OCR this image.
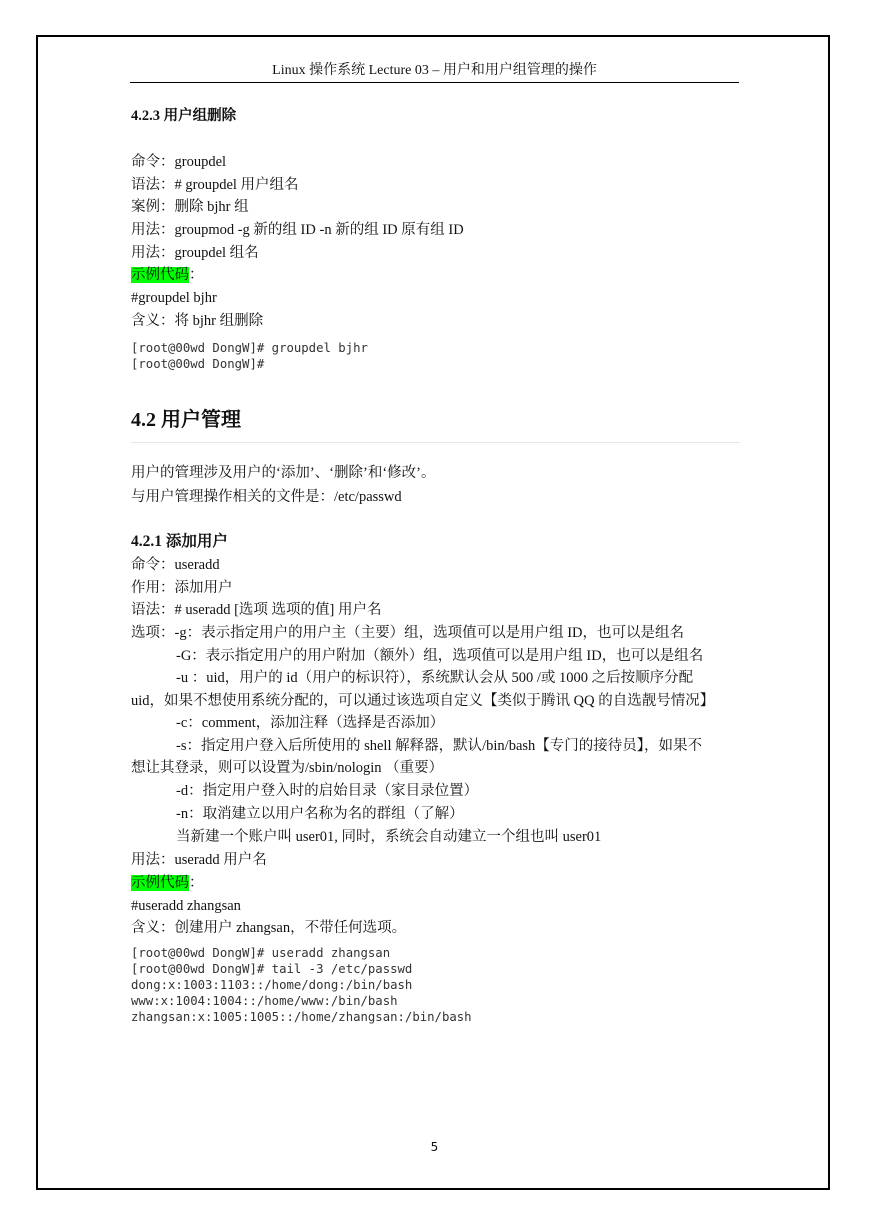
Linux 操作系统 Lecture 03 – 用户和用户组管理的操作
4.2.3 用户组删除
命令：groupdel
语法：# groupdel 用户组名
案例：删除 bjhr 组
用法：groupmod -g 新的组 ID -n 新的组 ID 原有组 ID
用法：groupdel 组名
示例代码：
#groupdel bjhr
含义：将 bjhr 组删除
[root@00wd DongW]# groupdel bjhr
[root@00wd DongW]#
4.2 用户管理
用户的管理涉及用户的‘添加’、‘删除’和‘修改’。
与用户管理操作相关的文件是：/etc/passwd
4.2.1 添加用户
命令：useradd
作用：添加用户
语法：# useradd [选项 选项的值] 用户名
选项：-g：表示指定用户的用户主（主要）组，选项值可以是用户组 ID，也可以是组名
-G：表示指定用户的用户附加（额外）组，选项值可以是用户组 ID，也可以是组名
-u ：uid，用户的 id（用户的标识符），系统默认会从 500 /或 1000 之后按顺序分配
uid，如果不想使用系统分配的，可以通过该选项自定义【类似于腾讯 QQ 的自选靓号情况】
-c：comment，添加注释（选择是否添加）
-s：指定用户登入后所使用的 shell 解释器，默认/bin/bash【专门的接待员】，如果不
想让其登录，则可以设置为/sbin/nologin （重要）
-d：指定用户登入时的启始目录（家目录位置）
-n：取消建立以用户名称为名的群组（了解）
当新建一个账户叫 user01, 同时，系统会自动建立一个组也叫 user01
用法：useradd 用户名
示例代码：
#useradd zhangsan
含义：创建用户 zhangsan，不带任何选项。
[root@00wd DongW]# useradd zhangsan
[root@00wd DongW]# tail -3 /etc/passwd
dong:x:1003:1103::/home/dong:/bin/bash
www:x:1004:1004::/home/www:/bin/bash
zhangsan:x:1005:1005::/home/zhangsan:/bin/bash
5
